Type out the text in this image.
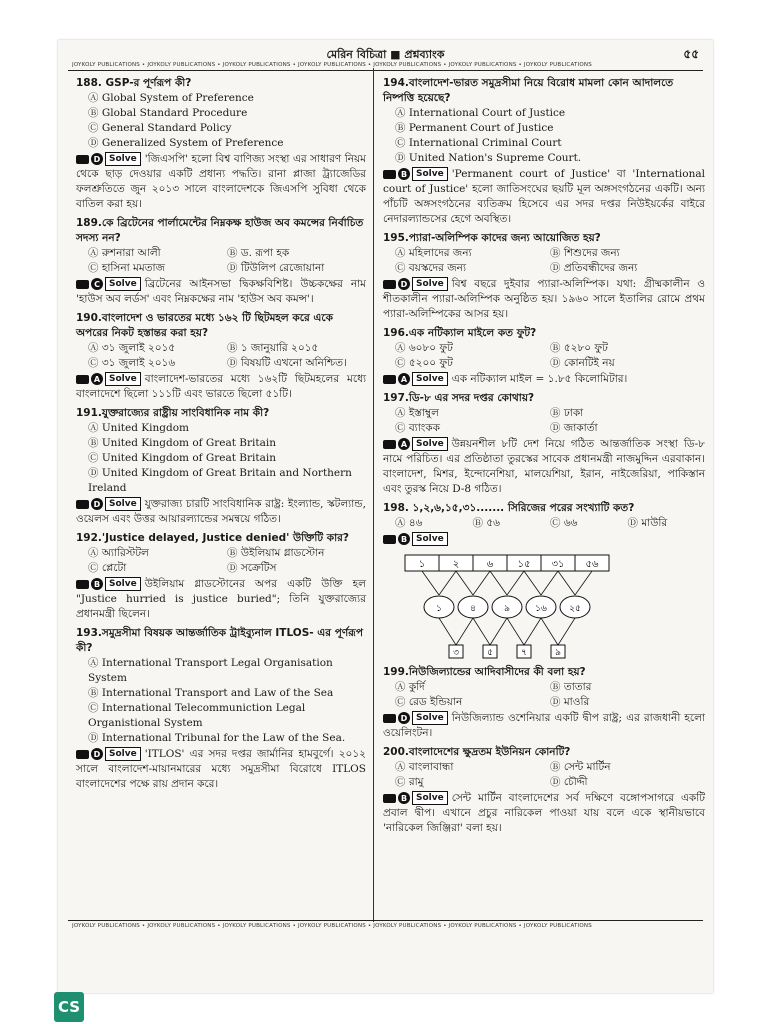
মেরিন বিচিত্রা ■ প্রশ্নব্যাংক	৫৫
JOYKOLY PUBLICATIONS • JOYKOLY PUBLICATIONS • JOYKOLY PUBLICATIONS • JOYKOLY PUBLICATIONS • JOYKOLY PUBLICATIONS • JOYKOLY PUBLICATIONS • JOYKOLY PUBLICATIONS
188. GSP-র পূর্ণরূপ কী?
Ⓐ Global System of Preference
Ⓑ Global Standard Procedure
Ⓒ General Standard Policy
Ⓓ Generalized System of Preference
D Solve 'জিএসপি' হলো বিশ্ব বাণিজ্য সংস্থা এর সাধারণ নিয়ম থেকে ছাড় দেওয়ার একটি প্রধান্য পদ্ধতি। রানা প্লাজা ট্র্যাজেডির ফলশ্রুতিতে জুন ২০১৩ সালে বাংলাদেশকে জিএসপি সুবিধা থেকে বাতিল করা হয়।
189.কে ব্রিটেনের পার্লামেন্টের নিম্নকক্ষ হাউজ অব কমন্সের নির্বাচিত সদস্য নন?
Ⓐ রুশনারা আলী	Ⓑ ড. রূপা হক
Ⓒ হাসিনা মমতাজ	Ⓓ টিউলিপ রেজোয়ানা
C	Solve ব্রিটেনের আইনসভা দ্বিকক্ষবিশিষ্ট। উচ্চকক্ষের নাম 'হাউস অব লর্ডস' এবং নিম্নকক্ষের নাম 'হাউস অব কমন্স'।
190.বাংলাদেশ ও ভারতের মধ্যে ১৬২ টি ছিটমহল করে একে অপরের নিকট হস্তান্তর করা হয়?
Ⓐ ৩১ জুলাই ২০১৫	Ⓑ ১ জানুয়ারি ২০১৫
Ⓒ ৩১ জুলাই ২০১৬	Ⓓ বিষয়টি এখনো অনিশ্চিত।
A Solve বাংলাদেশ-ভারতের মধ্যে ১৬২টি ছিটমহলের মধ্যে বাংলাদেশে ছিলো ১১১টি এবং ভারতে ছিলো ৫১টি।
191.যুক্তরাজ্যের রাষ্ট্রীয় সাংবিধানিক নাম কী?
Ⓐ United Kingdom
Ⓑ United Kingdom of Great Britain
Ⓒ United Kingdom of Great Britain
Ⓓ United Kingdom of Great Britain and Northern Ireland
D Solve যুক্তরাজ্য চারটি সাংবিধানিক রাষ্ট্র: ইংল্যান্ড, স্কটল্যান্ড, ওয়েলস এবং উত্তর আয়ারল্যান্ডের সমন্বয়ে গঠিত।
192.'Justice delayed, Justice denied' উক্তিটি কার?
Ⓐ অ্যারিস্টটল	Ⓑ উইলিয়াম গ্লাডস্টোন
Ⓒ প্লেটো	Ⓓ সক্রেটিস
B Solve উইলিয়াম গ্লাডস্টোনের অপর একটি উক্তি হল "Justice hurried is justice buried"; তিনি যুক্তরাজ্যের প্রধানমন্ত্রী ছিলেন।
193.সমুদ্রসীমা বিষয়ক আন্তর্জাতিক ট্রাইব্যুনাল ITLOS- এর পূর্ণরূপ কী?
Ⓐ International Transport Legal Organisation System
Ⓑ International Transport and Law of the Sea
Ⓒ International Telecommuniction Legal Organistional System
Ⓓ International Tribunal for the Law of the Sea.
D Solve 'ITLOS' এর সদর দপ্তর জার্মানির হামবুর্গে। ২০১২ সালে বাংলাদেশ-মায়ানমারের মধ্যে সমুদ্রসীমা বিরোধে ITLOS বাংলাদেশের পক্ষে রায় প্রদান করে।
194.বাংলাদেশ-ভারত সমুদ্রসীমা নিয়ে বিরোধ মামলা কোন আদালতে নিষ্পত্তি হয়েছে?
Ⓐ International Court of Justice
Ⓑ Permanent Court of Justice
Ⓒ International Criminal Court
Ⓓ United Nation's Supreme Court.
B Solve 'Permanent court of Justice' বা 'International court of Justice' হলো জাতিসংঘের ছয়টি মূল অঙ্গসংগঠনের একটি। অন্য পাঁচটি অঙ্গসংগঠনের ব্যতিক্রম হিসেবে এর সদর দপ্তর নিউইয়র্কের বাইরে নেদারল্যান্ডসের হেগে অবস্থিত।
195.প্যারা-অলিম্পিক কাদের জন্য আয়োজিত হয়?
Ⓐ মহিলাদের জন্য	Ⓑ শিশুদের জন্য
Ⓒ বয়স্কদের জন্য	Ⓓ প্রতিবন্ধীদের জন্য
D Solve বিশ্ব বছরে দুইবার প্যারা-অলিম্পিক। যথা: গ্রীষ্মকালীন ও শীতকালীন প্যারা-অলিম্পিক অনুষ্ঠিত হয়। ১৯৬০ সালে ইতালির রোমে প্রথম প্যারা-অলিম্পিকের আসর হয়।
196.এক নটিক্যাল মাইলে কত ফুট?
Ⓐ ৬০৮০ ফুট	Ⓑ ৫২৮০ ফুট
Ⓒ ৫২০০ ফুট	Ⓓ কোনটিই নয়
A Solve এক নটিক্যাল মাইল = ১.৮৫ কিলোমিটার।
197.ডি-৮ এর সদর দপ্তর কোথায়?
Ⓐ ইস্তাম্বুল	Ⓑ ঢাকা
Ⓒ ব্যাংকক	Ⓓ জাকার্তা
A Solve উন্নয়নশীল ৮টি দেশ নিয়ে গঠিত আন্তর্জাতিক সংস্থা ডি-৮ নামে পরিচিত। এর প্রতিষ্ঠাতা তুরস্কের সাবেক প্রধানমন্ত্রী নাজমুদ্দিন এরবাকান। বাংলাদেশ, মিশর, ইন্দোনেশিয়া, মালয়েশিয়া, ইরান, নাইজেরিয়া, পাকিস্তান এবং তুরস্ক নিয়ে D-8 গঠিত।
198. ১,২,৬,১৫,৩১....... সিরিজের পরের সংখ্যাটি কত?
Ⓐ ৪৬	Ⓑ ৫৬	Ⓒ ৬৬	Ⓓ মাউরি
B Solve
১	২	৬ ১৫ ৩১ ৫৬
১	৪	৯	১৬ ২৫
৩	৫	৭	৯
199.নিউজিল্যান্ডের আদিবাসীদের কী বলা হয়?
Ⓐ কুর্দি	Ⓑ তাতার
Ⓒ রেড ইন্ডিয়ান	Ⓓ মাওরি
D Solve নিউজিল্যান্ড ওশেনিয়ার একটি দ্বীপ রাষ্ট্র; এর রাজধানী হলো ওয়েলিংটন।
200.বাংলাদেশের ক্ষুদ্রতম ইউনিয়ন কোনটি?
Ⓐ বাংলাবান্ধা	Ⓑ সেন্ট মার্টিন
Ⓒ রামু	Ⓓ চৌদ্দী
B Solve সেন্ট মার্টিন বাংলাদেশের সর্ব দক্ষিণে বঙ্গোপসাগরে একটি প্রবাল দ্বীপ। এখানে প্রচুর নারিকেল পাওয়া যায় বলে একে স্থানীয়ভাবে 'নারিকেল জিঞ্জিরা' বলা হয়।
JOYKOLY PUBLICATIONS • JOYKOLY PUBLICATIONS • JOYKOLY PUBLICATIONS • JOYKOLY PUBLICATIONS • JOYKOLY PUBLICATIONS • JOYKOLY PUBLICATIONS • JOYKOLY PUBLICATIONS
CS
